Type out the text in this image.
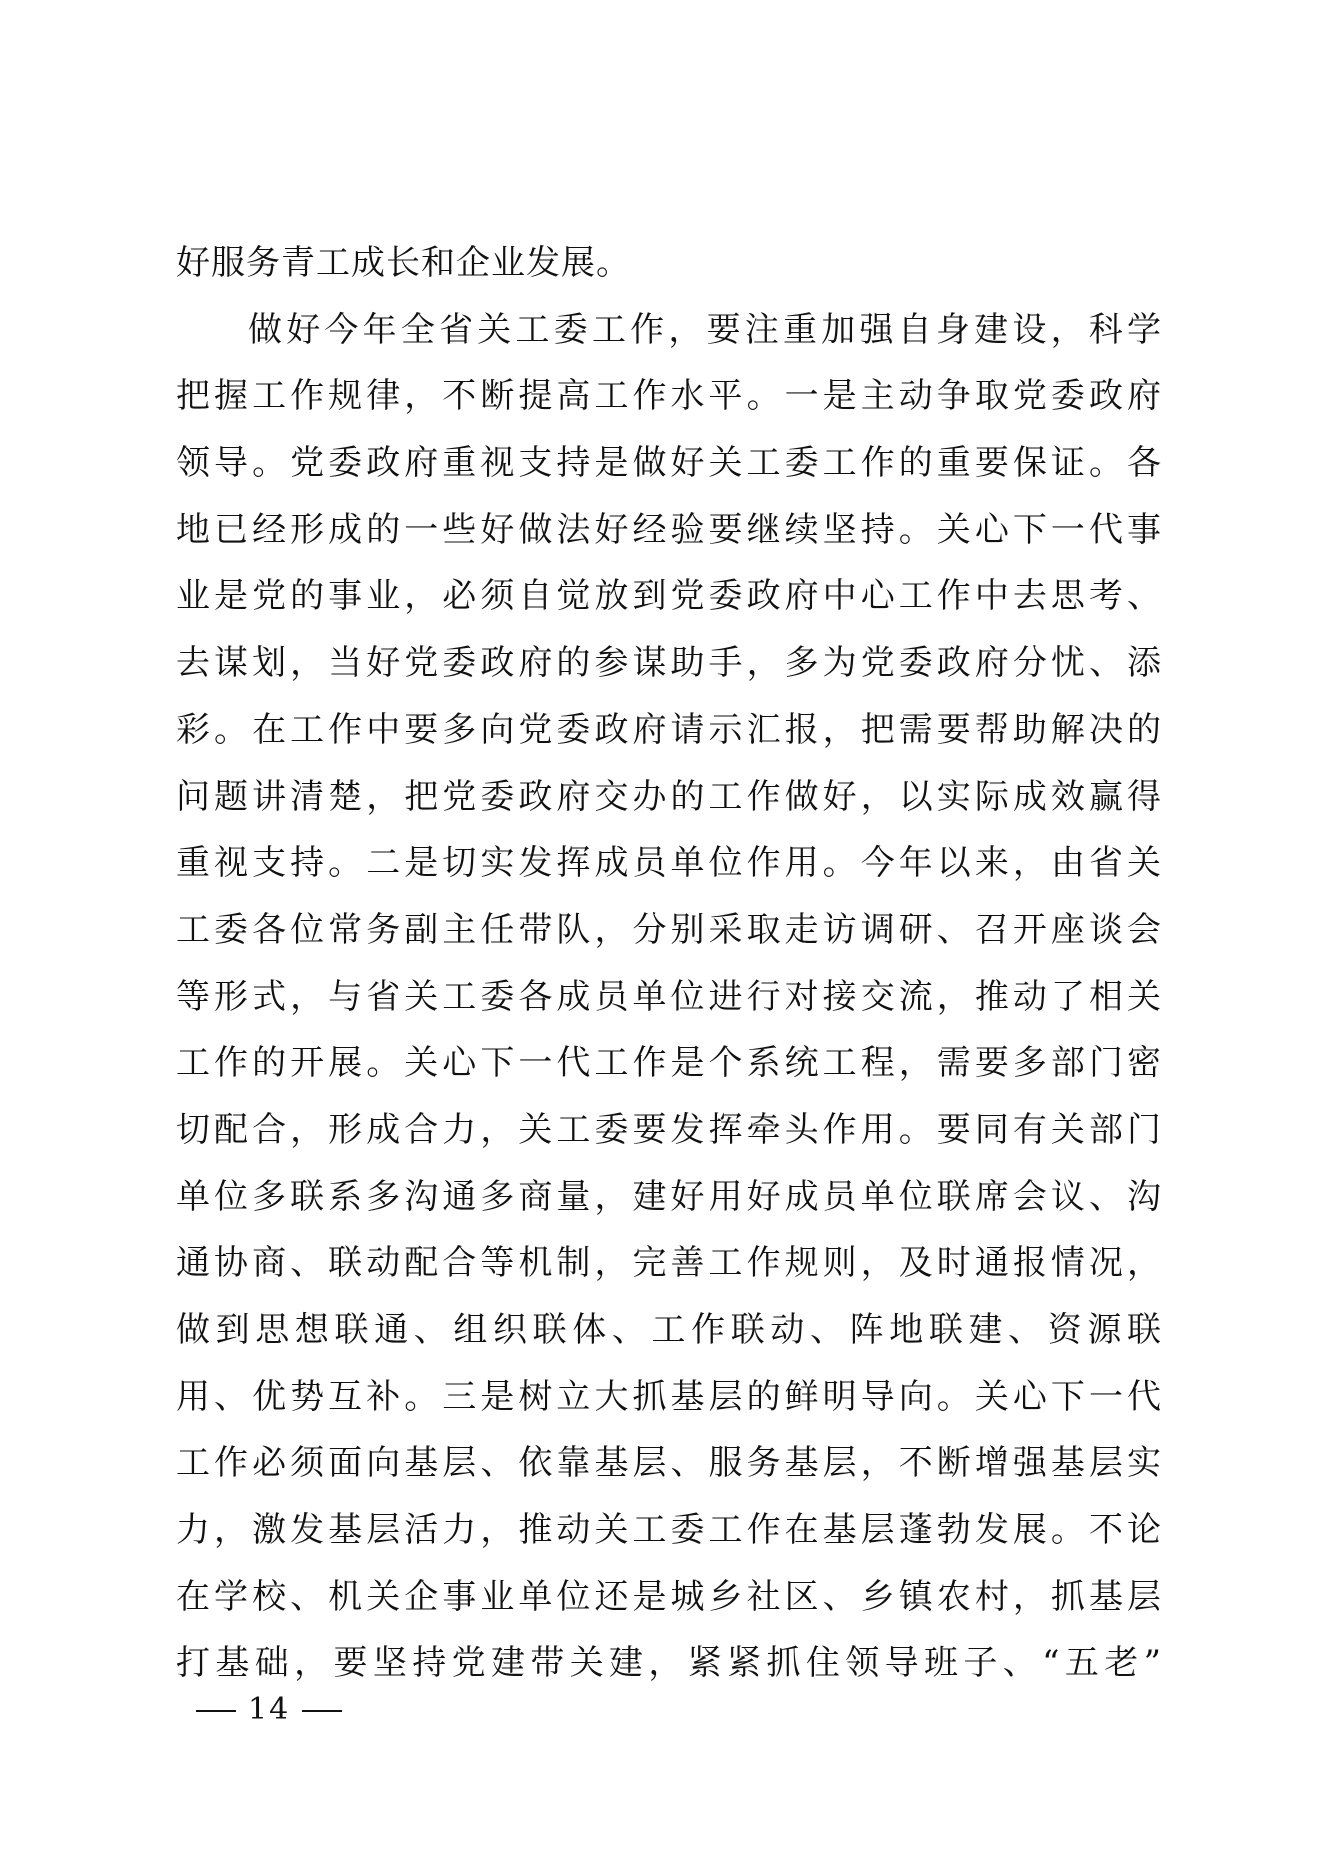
好服务青工成长和企业发展。
做好今年全省关工委工作，要注重加强自身建设，科学
把握工作规律，不断提高工作水平。一是主动争取党委政府
领导。党委政府重视支持是做好关工委工作的重要保证。各
地已经形成的一些好做法好经验要继续坚持。关心下一代事
业是党的事业，必须自觉放到党委政府中心工作中去思考、
去谋划，当好党委政府的参谋助手，多为党委政府分忧、添
彩。在工作中要多向党委政府请示汇报，把需要帮助解决的
问题讲清楚，把党委政府交办的工作做好，以实际成效赢得
重视支持。二是切实发挥成员单位作用。今年以来，由省关
工委各位常务副主任带队，分别采取走访调研、召开座谈会
等形式，与省关工委各成员单位进行对接交流，推动了相关
工作的开展。关心下一代工作是个系统工程，需要多部门密
切配合，形成合力，关工委要发挥牵头作用。要同有关部门
单位多联系多沟通多商量，建好用好成员单位联席会议、沟
通协商、联动配合等机制，完善工作规则，及时通报情况，
做到思想联通、组织联体、工作联动、阵地联建、资源联
用、优势互补。三是树立大抓基层的鲜明导向。关心下一代
工作必须面向基层、依靠基层、服务基层，不断增强基层实
力，激发基层活力，推动关工委工作在基层蓬勃发展。不论
在学校、机关企事业单位还是城乡社区、乡镇农村，抓基层
打基础，要坚持党建带关建，紧紧抓住领导班子、“五老”
14
